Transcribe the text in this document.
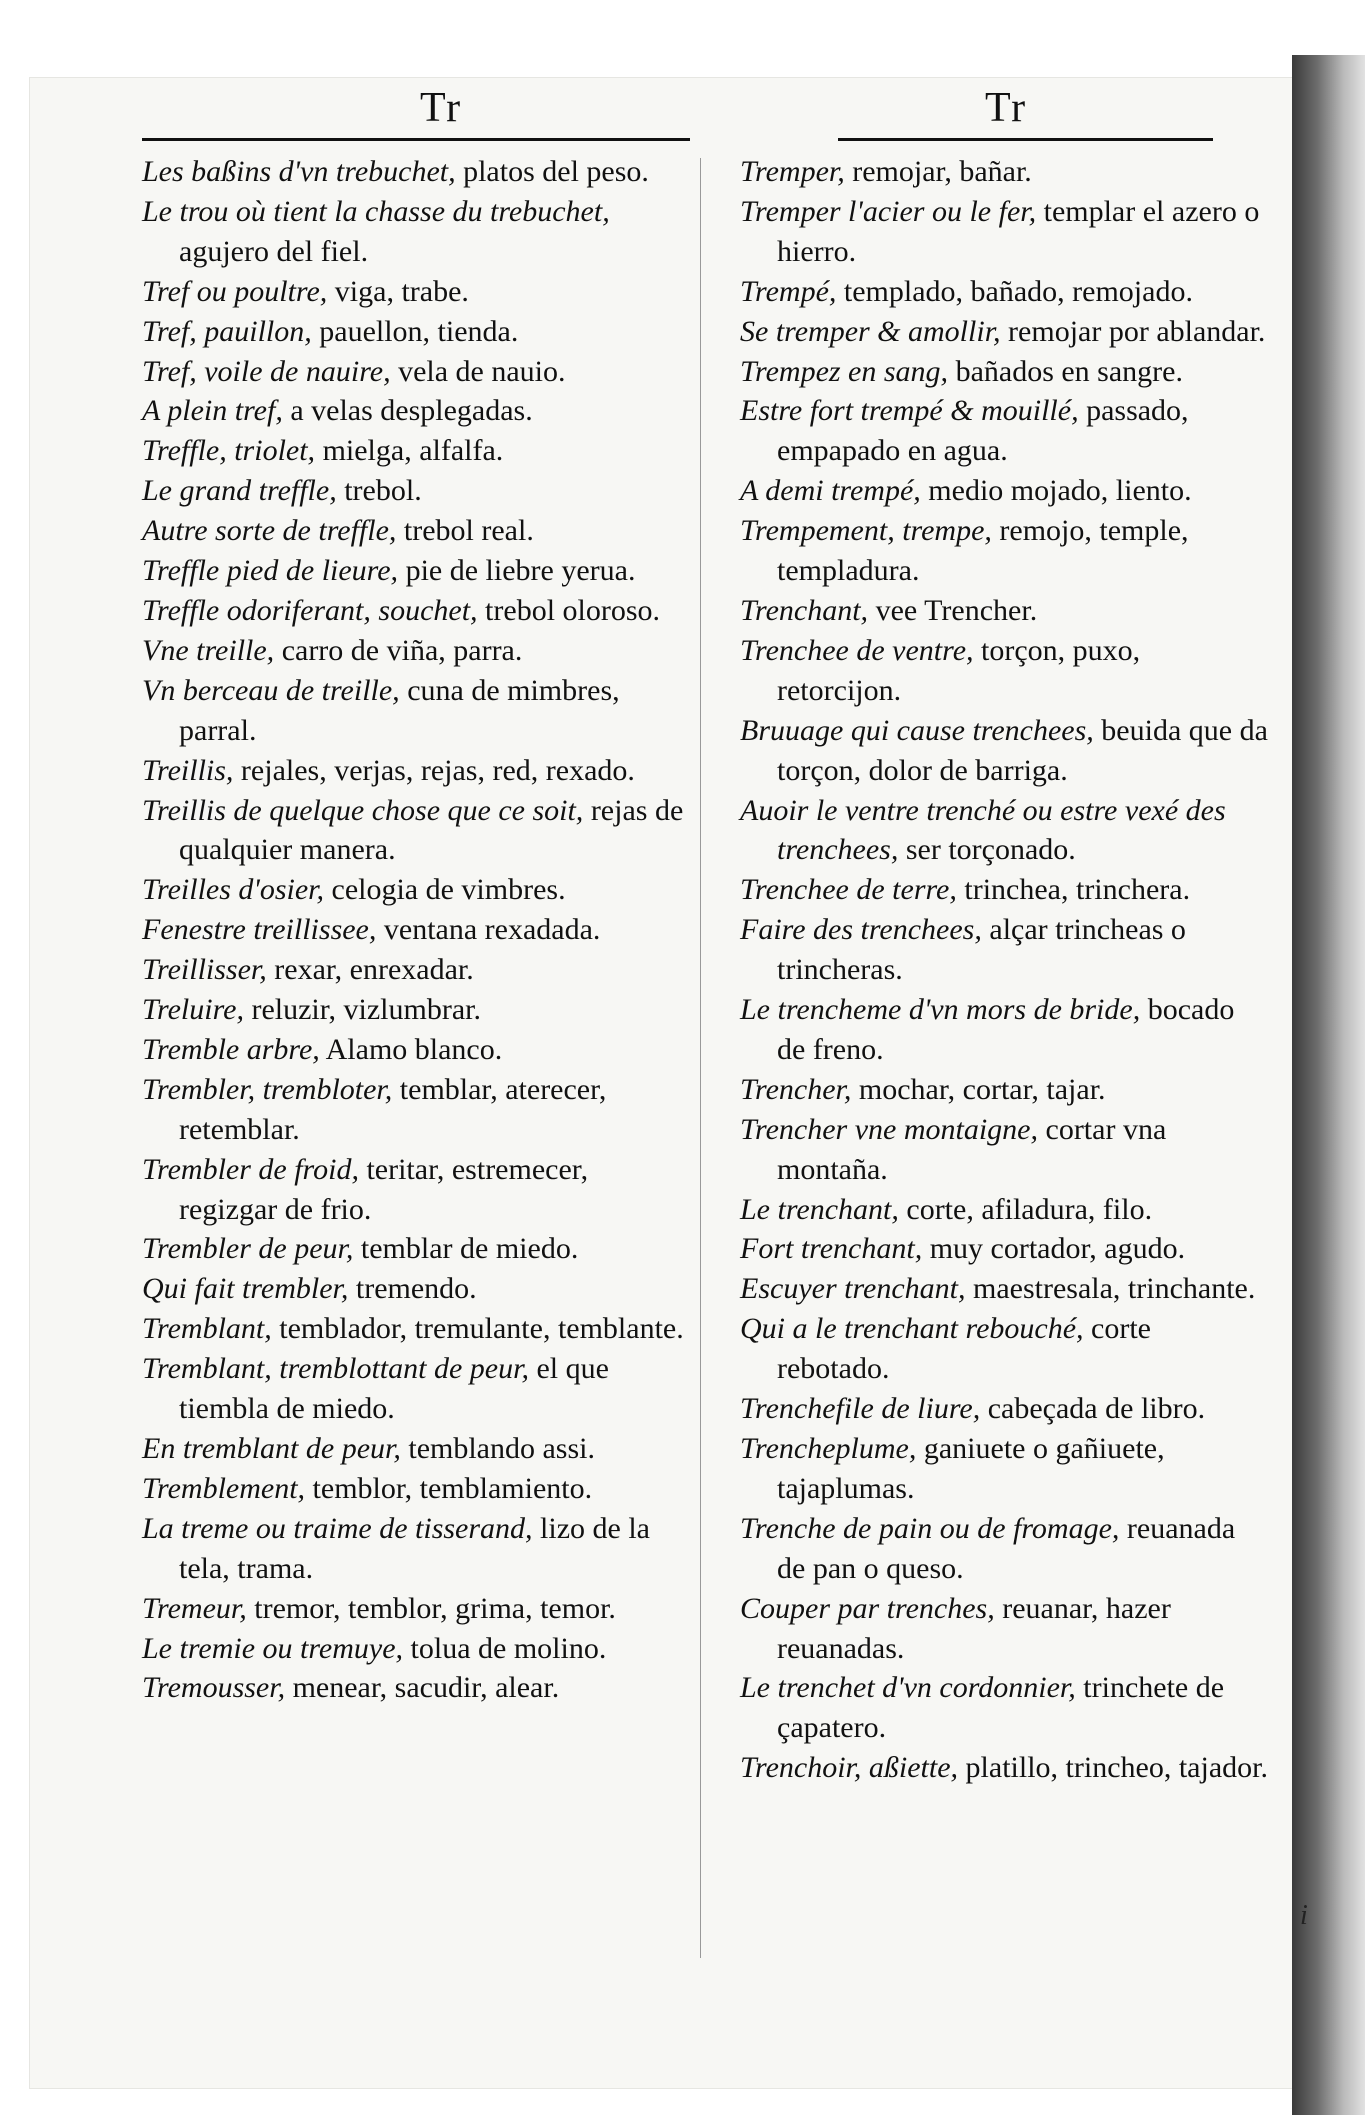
i
Tr	Tr

Les baßins d'vn trebuchet, platos del peso.

Le trou où tient la chasse du trebuchet, agujero del fiel.

Tref ou poultre, viga, trabe.

Tref, pauillon, pauellon, tienda.

Tref, voile de nauire, vela de nauio.

A plein tref, a velas desplegadas.

Treffle, triolet, mielga, alfalfa.

Le grand treffle, trebol.

Autre sorte de treffle, trebol real.

Treffle pied de lieure, pie de liebre yerua.

Treffle odoriferant, souchet, trebol oloroso.

Vne treille, carro de viña, parra.

Vn berceau de treille, cuna de mimbres, parral.

Treillis, rejales, verjas, rejas, red, rexado.

Treillis de quelque chose que ce soit, rejas de qualquier manera.

Treilles d'osier, celogia de vimbres.

Fenestre treillissee, ventana rexadada.

Treillisser, rexar, enrexadar.

Treluire, reluzir, vizlumbrar.

Tremble arbre, Alamo blanco.

Trembler, trembloter, temblar, aterecer, retemblar.

Trembler de froid, teritar, estremecer, regizgar de frio.

Trembler de peur, temblar de miedo.

Qui fait trembler, tremendo.

Tremblant, temblador, tremulante, temblante.

Tremblant, tremblottant de peur, el que tiembla de miedo.

En tremblant de peur, temblando assi.

Tremblement, temblor, temblamiento.

La treme ou traime de tisserand, lizo de la tela, trama.

Tremeur, tremor, temblor, grima, temor.

Le tremie ou tremuye, tolua de molino.

Tremousser, menear, sacudir, alear.

Tremper, remojar, bañar.

Tremper l'acier ou le fer, templar el azero o hierro.

Trempé, templado, bañado, remojado.

Se tremper & amollir, remojar por ablandar.

Trempez en sang, bañados en sangre.

Estre fort trempé & mouillé, passado, empapado en agua.

A demi trempé, medio mojado, liento.

Trempement, trempe, remojo, temple, templadura.

Trenchant, vee Trencher.

Trenchee de ventre, torçon, puxo, retorcijon.

Bruuage qui cause trenchees, beuida que da torçon, dolor de barriga.

Auoir le ventre trenché ou estre vexé des trenchees, ser torçonado.

Trenchee de terre, trinchea, trinchera.

Faire des trenchees, alçar trincheas o trincheras.

Le trencheme d'vn mors de bride, bocado de freno.

Trencher, mochar, cortar, tajar.

Trencher vne montaigne, cortar vna montaña.

Le trenchant, corte, afiladura, filo.

Fort trenchant, muy cortador, agudo.

Escuyer trenchant, maestresala, trinchante.

Qui a le trenchant rebouché, corte rebotado.

Trenchefile de liure, cabeçada de libro.

Trencheplume, ganiuete o gañiuete, tajaplumas.

Trenche de pain ou de fromage, reuanada de pan o queso.

Couper par trenches, reuanar, hazer reuanadas.

Le trenchet d'vn cordonnier, trinchete de çapatero.

Trenchoir, aßiette, platillo, trincheo, tajador.
